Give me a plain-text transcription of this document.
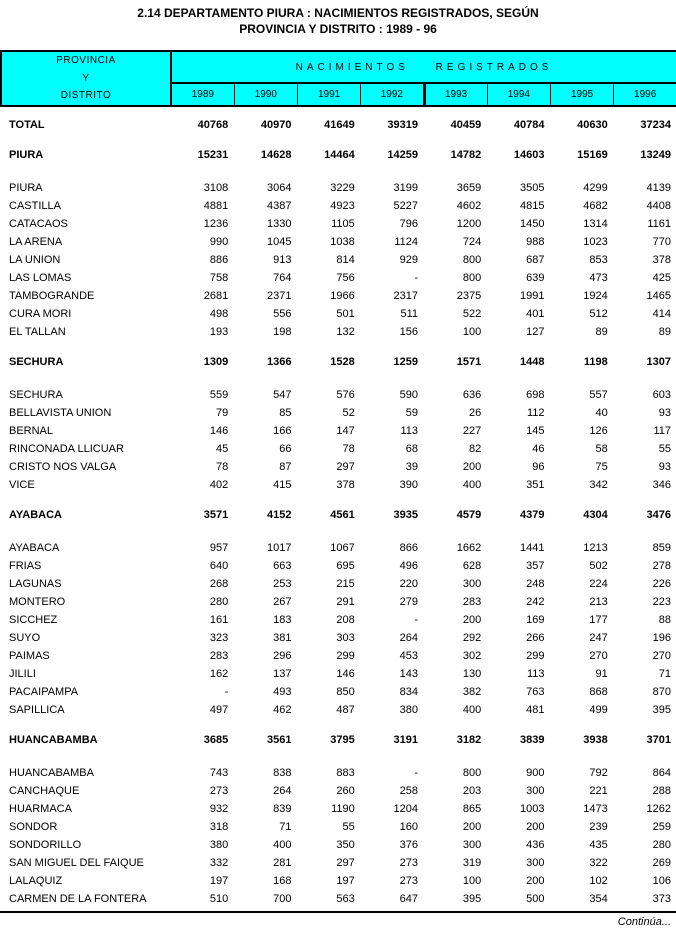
2.14 DEPARTAMENTO PIURA : NACIMIENTOS REGISTRADOS, SEGÚN
PROVINCIA Y DISTRITO : 1989 - 96
PROVINCIA
Y
DISTRITO	NACIMIENTOS REGISTRADOS							
	1989	1990	1991	1992	1993	1994	1995	1996
TOTAL	40768	40970	41649	39319	40459	40784	40630	37234
PIURA	15231	14628	14464	14259	14782	14603	15169	13249
PIURA	3108	3064	3229	3199	3659	3505	4299	4139
CASTILLA	4881	4387	4923	5227	4602	4815	4682	4408
CATACAOS	1236	1330	1105	796	1200	1450	1314	1161
LA ARENA	990	1045	1038	1124	724	988	1023	770
LA UNION	886	913	814	929	800	687	853	378
LAS LOMAS	758	764	756	-	800	639	473	425
TAMBOGRANDE	2681	2371	1966	2317	2375	1991	1924	1465
CURA MORI	498	556	501	511	522	401	512	414
EL TALLAN	193	198	132	156	100	127	89	89
SECHURA	1309	1366	1528	1259	1571	1448	1198	1307
SECHURA	559	547	576	590	636	698	557	603
BELLAVISTA UNION	79	85	52	59	26	112	40	93
BERNAL	146	166	147	113	227	145	126	117
RINCONADA LLICUAR	45	66	78	68	82	46	58	55
CRISTO NOS VALGA	78	87	297	39	200	96	75	93
VICE	402	415	378	390	400	351	342	346
AYABACA	3571	4152	4561	3935	4579	4379	4304	3476
AYABACA	957	1017	1067	866	1662	1441	1213	859
FRIAS	640	663	695	496	628	357	502	278
LAGUNAS	268	253	215	220	300	248	224	226
MONTERO	280	267	291	279	283	242	213	223
SICCHEZ	161	183	208	-	200	169	177	88
SUYO	323	381	303	264	292	266	247	196
PAIMAS	283	296	299	453	302	299	270	270
JILILI	162	137	146	143	130	113	91	71
PACAIPAMPA	-	493	850	834	382	763	868	870
SAPILLICA	497	462	487	380	400	481	499	395
HUANCABAMBA	3685	3561	3795	3191	3182	3839	3938	3701
HUANCABAMBA	743	838	883	-	800	900	792	864
CANCHAQUE	273	264	260	258	203	300	221	288
HUARMACA	932	839	1190	1204	865	1003	1473	1262
SONDOR	318	71	55	160	200	200	239	259
SONDORILLO	380	400	350	376	300	436	435	280
SAN MIGUEL DEL FAIQUE	332	281	297	273	319	300	322	269
LALAQUIZ	197	168	197	273	100	200	102	106
CARMEN DE LA FONTERA	510	700	563	647	395	500	354	373
Continúa...
